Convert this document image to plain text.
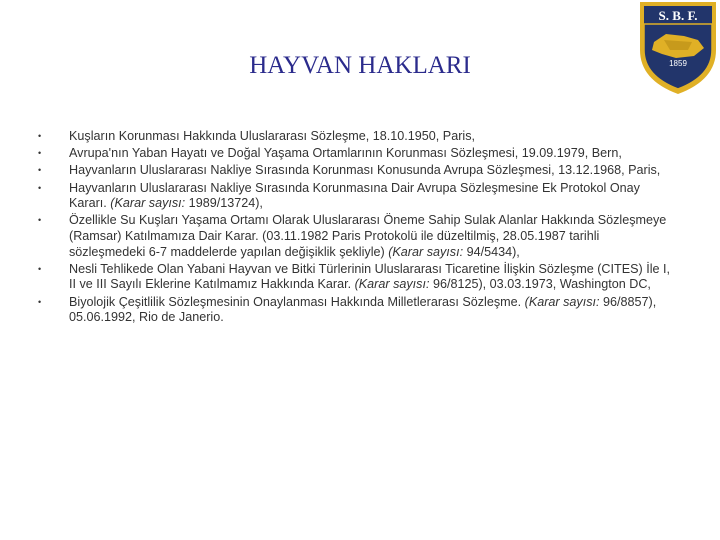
HAYVAN HAKLARI
S. B. F.
1859
• Kuşların Korunması Hakkında Uluslararası Sözleşme, 18.10.1950, Paris,
• Avrupa'nın Yaban Hayatı ve Doğal Yaşama Ortamlarının Korunması Sözleşmesi, 19.09.1979, Bern,
• Hayvanların Uluslararası Nakliye Sırasında Korunması Konusunda Avrupa Sözleşmesi, 13.12.1968, Paris,
• Hayvanların Uluslararası Nakliye Sırasında Korunmasına Dair Avrupa Sözleşmesine Ek Protokol Onay Kararı. (Karar sayısı: 1989/13724),
• Özellikle Su Kuşları Yaşama Ortamı Olarak Uluslararası Öneme Sahip Sulak Alanlar Hakkında Sözleşmeye (Ramsar) Katılmamıza Dair Karar. (03.11.1982 Paris Protokolü ile düzeltilmiş, 28.05.1987 tarihli sözleşmedeki 6-7 maddelerde yapılan değişiklik şekliyle) (Karar sayısı: 94/5434),
• Nesli Tehlikede Olan Yabani Hayvan ve Bitki Türlerinin Uluslararası Ticaretine İlişkin Sözleşme (CITES) İle I, II ve III Sayılı Eklerine Katılmamız Hakkında Karar. (Karar sayısı: 96/8125), 03.03.1973, Washington DC,
• Biyolojik Çeşitlilik Sözleşmesinin Onaylanması Hakkında Milletlerarası Sözleşme. (Karar sayısı: 96/8857), 05.06.1992, Rio de Janerio.
